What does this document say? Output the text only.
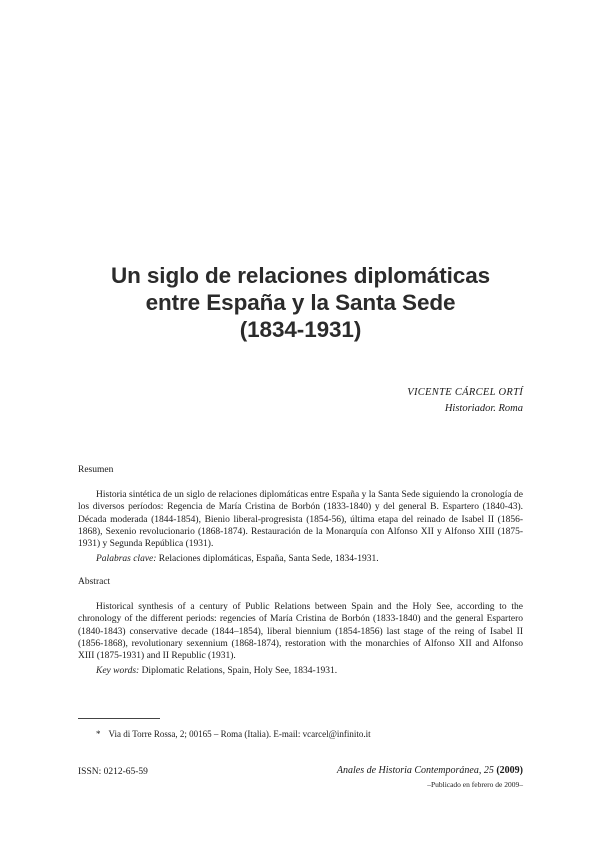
Un siglo de relaciones diplomáticas
entre España y la Santa Sede
(1834-1931)
VICENTE CÁRCEL ORTÍ
Historiador. Roma
Resumen

Historia sintética de un siglo de relaciones diplomáticas entre España y la Santa Sede siguiendo la cronología de los diversos períodos: Regencia de María Cristina de Borbón (1833-1840) y del general B. Espartero (1840-43). Década moderada (1844-1854), Bienio liberal-progresista (1854-56), última etapa del reinado de Isabel II (1856-1868), Sexenio revolucionario (1868-1874). Restauración de la Monarquía con Alfonso XII y Alfonso XIII (1875-1931) y Segunda República (1931).

Palabras clave: Relaciones diplomáticas, España, Santa Sede, 1834-1931.
Abstract

Historical synthesis of a century of Public Relations between Spain and the Holy See, according to the chronology of the different periods: regencies of María Cristina de Borbón (1833-1840) and the general Espartero (1840-1843) conservative decade (1844–1854), liberal biennium (1854-1856) last stage of the reing of Isabel II (1856-1868), revolutionary sexennium (1868-1874), restoration with the monarchies of Alfonso XII and Alfonso XIII (1875-1931) and II Republic (1931).

Key words: Diplomatic Relations, Spain, Holy See, 1834-1931.
* Via di Torre Rossa, 2; 00165 – Roma (Italia). E-mail: vcarcel@infinito.it
ISSN: 0212-65-59	Anales de Historia Contemporánea, 25 (2009)
–Publicado en febrero de 2009–
